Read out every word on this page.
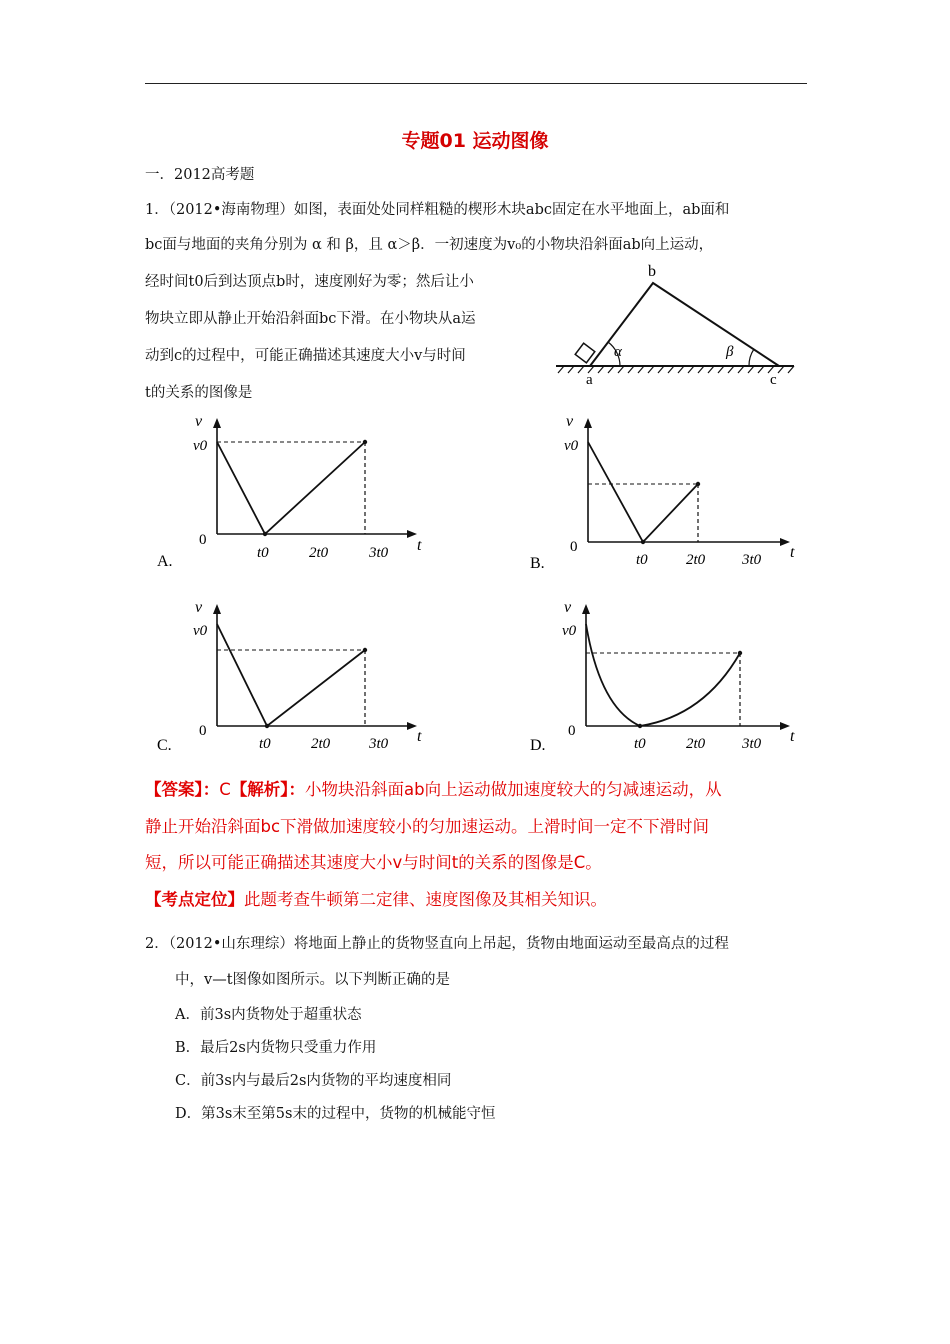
专题01 运动图像
一．2012高考题
1．（2012•海南物理）如图，表面处处同样粗糙的楔形木块abc固定在水平地面上，ab面和
bc面与地面的夹角分别为 α 和 β，且 α＞β．一初速度为v₀的小物块沿斜面ab向上运动，
经时间t0后到达顶点b时，速度刚好为零；然后让小
物块立即从静止开始沿斜面bc下滑。在小物块从a运
动到c的过程中，可能正确描述其速度大小v与时间
t的关系的图像是
b
a	c
α	β
v
v0
0
t0	2t0	3t0 t
A.
v
v0
0
t0	2t0 3t0 t
B.
v
v0
0
t0	2t0	3t0 t
C.
v
v0
0
t0	2t0 3t0 t
D.
【答案】：C【解析】：小物块沿斜面ab向上运动做加速度较大的匀减速运动，从
静止开始沿斜面bc下滑做加速度较小的匀加速运动。上滑时间一定不下滑时间
短，所以可能正确描述其速度大小v与时间t的关系的图像是C。
【考点定位】此题考查牛顿第二定律、速度图像及其相关知识。
2．（2012•山东理综）将地面上静止的货物竖直向上吊起，货物由地面运动至最高点的过程
中，v—t图像如图所示。以下判断正确的是
A．前3s内货物处于超重状态
B．最后2s内货物只受重力作用
C．前3s内与最后2s内货物的平均速度相同
D．第3s末至第5s末的过程中，货物的机械能守恒
